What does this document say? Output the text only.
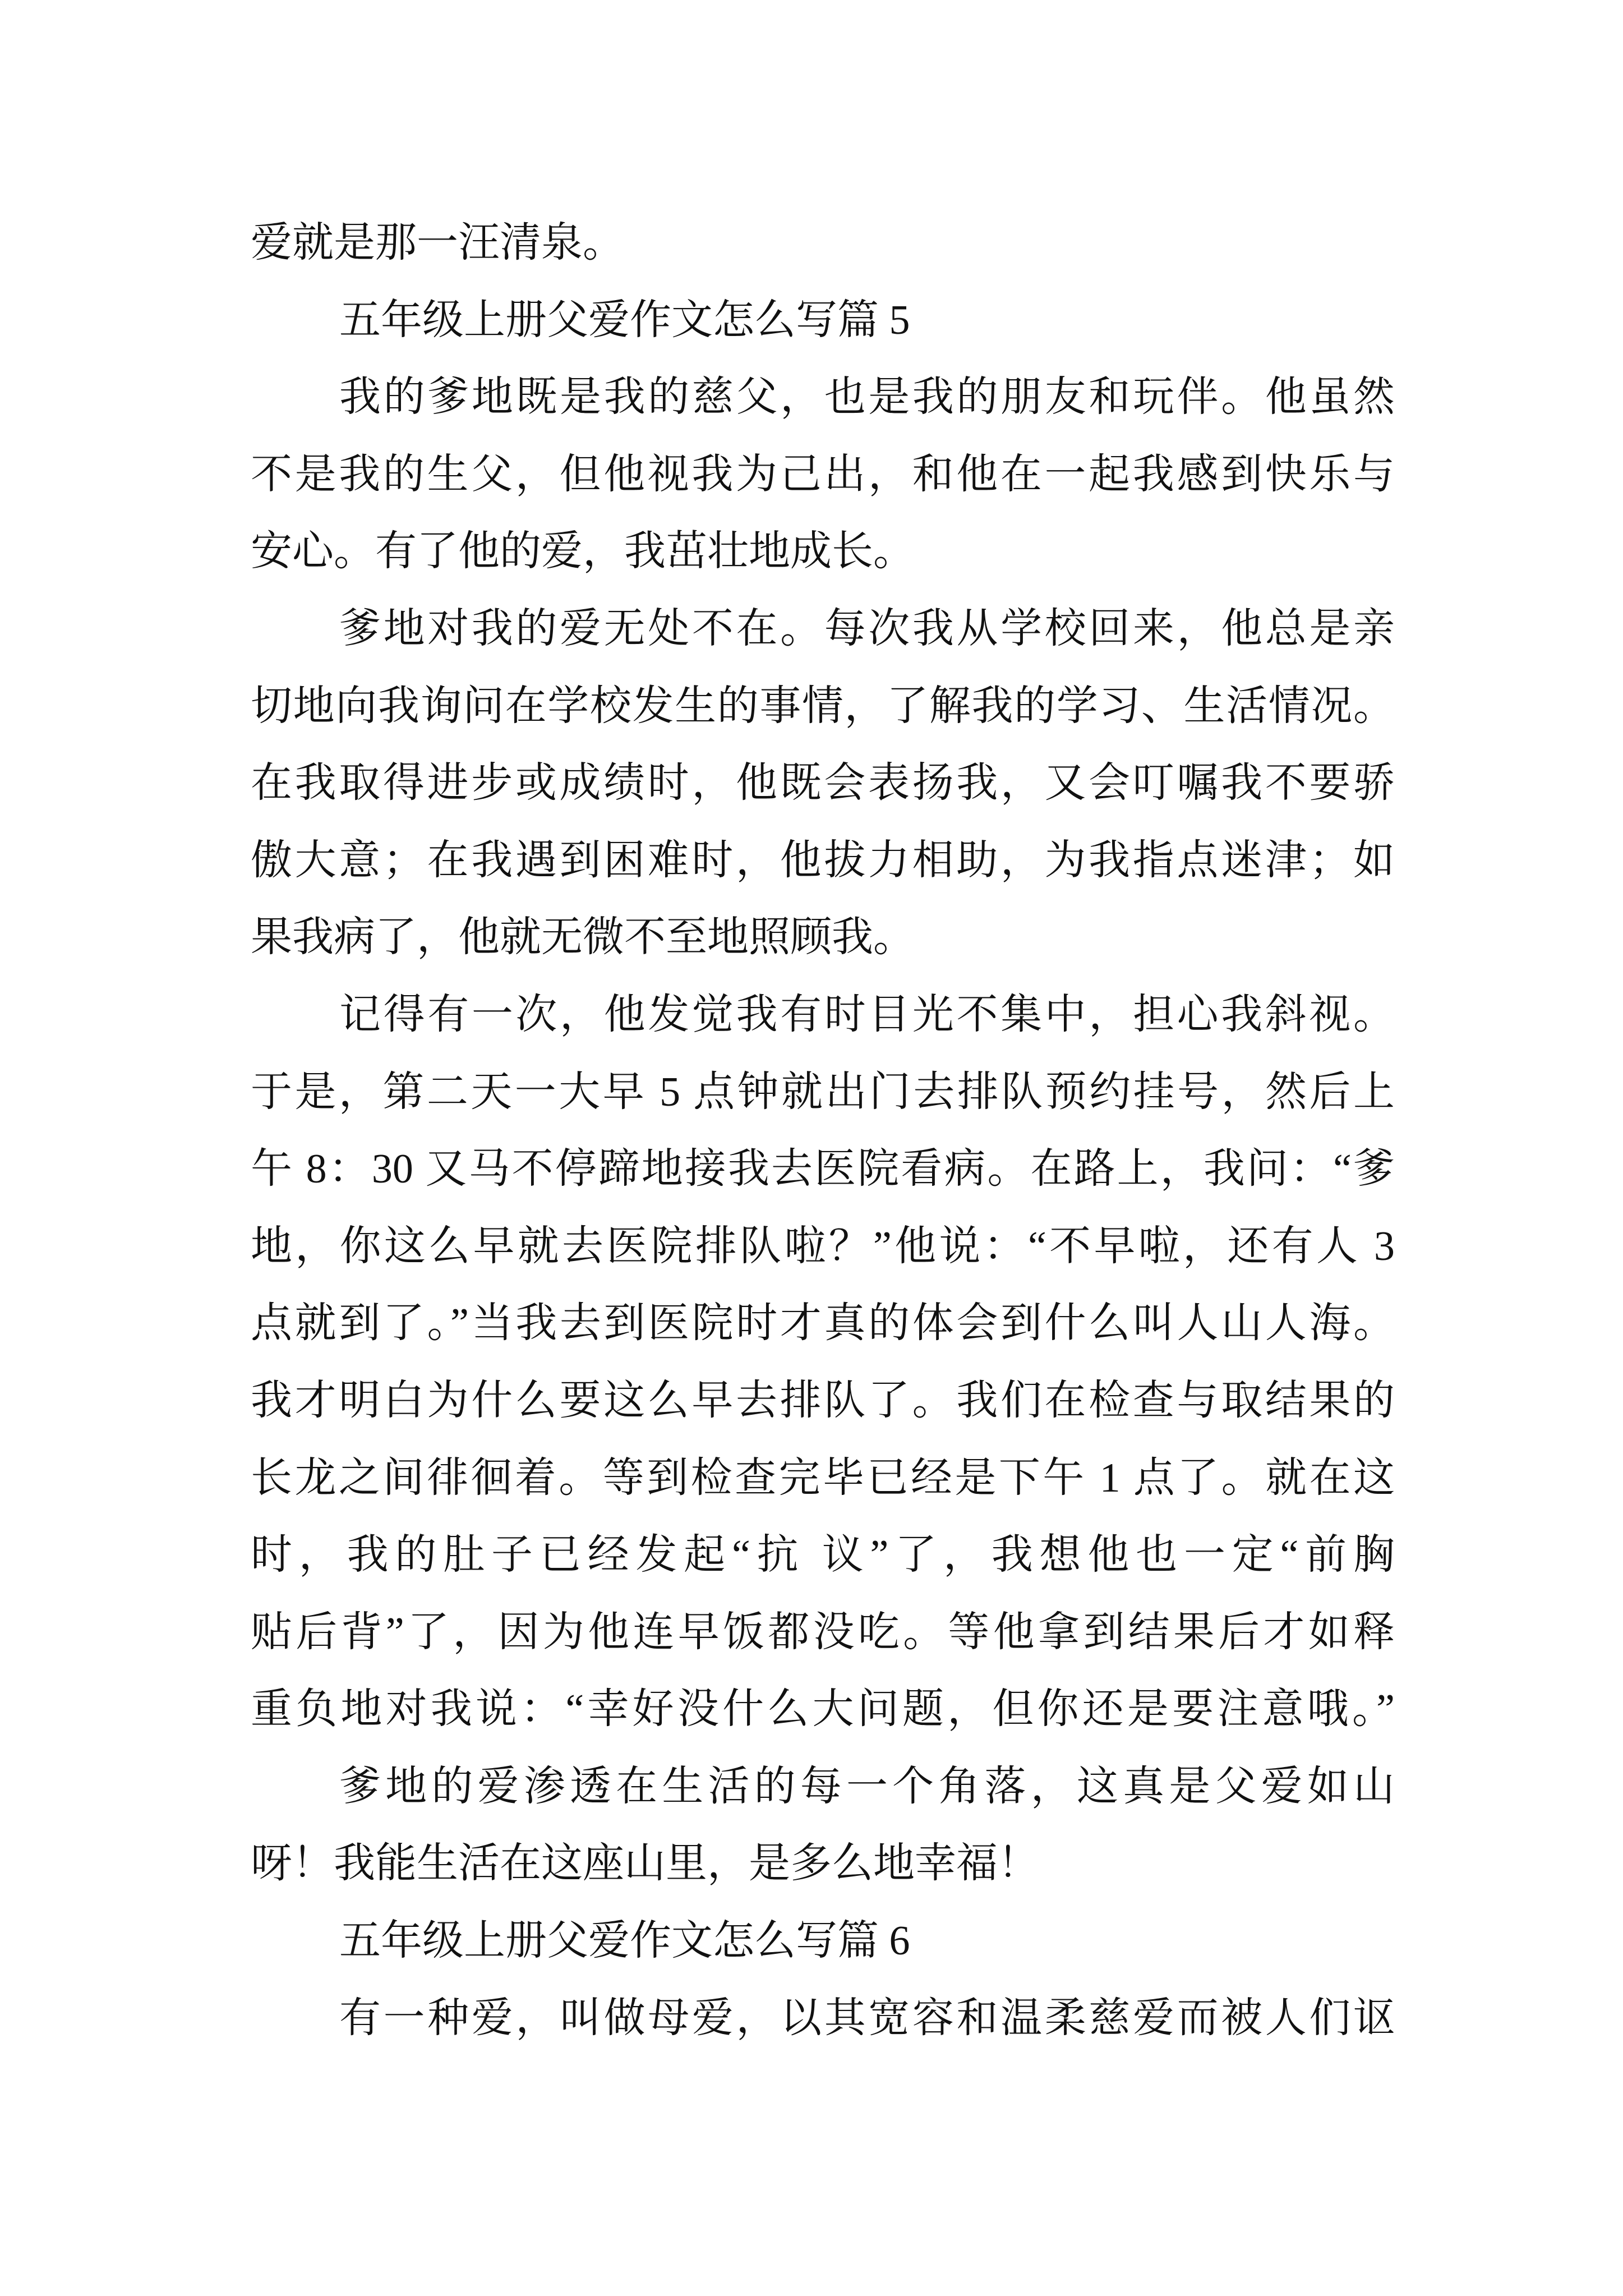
爱就是那一汪清泉。
五年级上册父爱作文怎么写篇 5
我的爹地既是我的慈父，也是我的朋友和玩伴。他虽然
不是我的生父，但他视我为己出，和他在一起我感到快乐与
安心。有了他的爱，我茁壮地成长。
爹地对我的爱无处不在。每次我从学校回来，他总是亲
切地向我询问在学校发生的事情，了解我的学习、生活情况。
在我取得进步或成绩时，他既会表扬我，又会叮嘱我不要骄
傲大意；在我遇到困难时，他拔力相助，为我指点迷津；如
果我病了，他就无微不至地照顾我。
记得有一次，他发觉我有时目光不集中，担心我斜视。
于是，第二天一大早 5 点钟就出门去排队预约挂号，然后上
午 8：30 又马不停蹄地接我去医院看病。在路上，我问：“爹
地，你这么早就去医院排队啦？”他说：“不早啦，还有人 3
点就到了。”当我去到医院时才真的体会到什么叫人山人海。
我才明白为什么要这么早去排队了。我们在检查与取结果的
长龙之间徘徊着。等到检查完毕已经是下午 1 点了。就在这
时，我的肚子已经发起“抗 议”了，我想他也一定“前胸
贴后背”了，因为他连早饭都没吃。等他拿到结果后才如释
重负地对我说：“幸好没什么大问题，但你还是要注意哦。”
爹地的爱渗透在生活的每一个角落，这真是父爱如山
呀！我能生活在这座山里，是多么地幸福！
五年级上册父爱作文怎么写篇 6
有一种爱，叫做母爱，以其宽容和温柔慈爱而被人们讴
